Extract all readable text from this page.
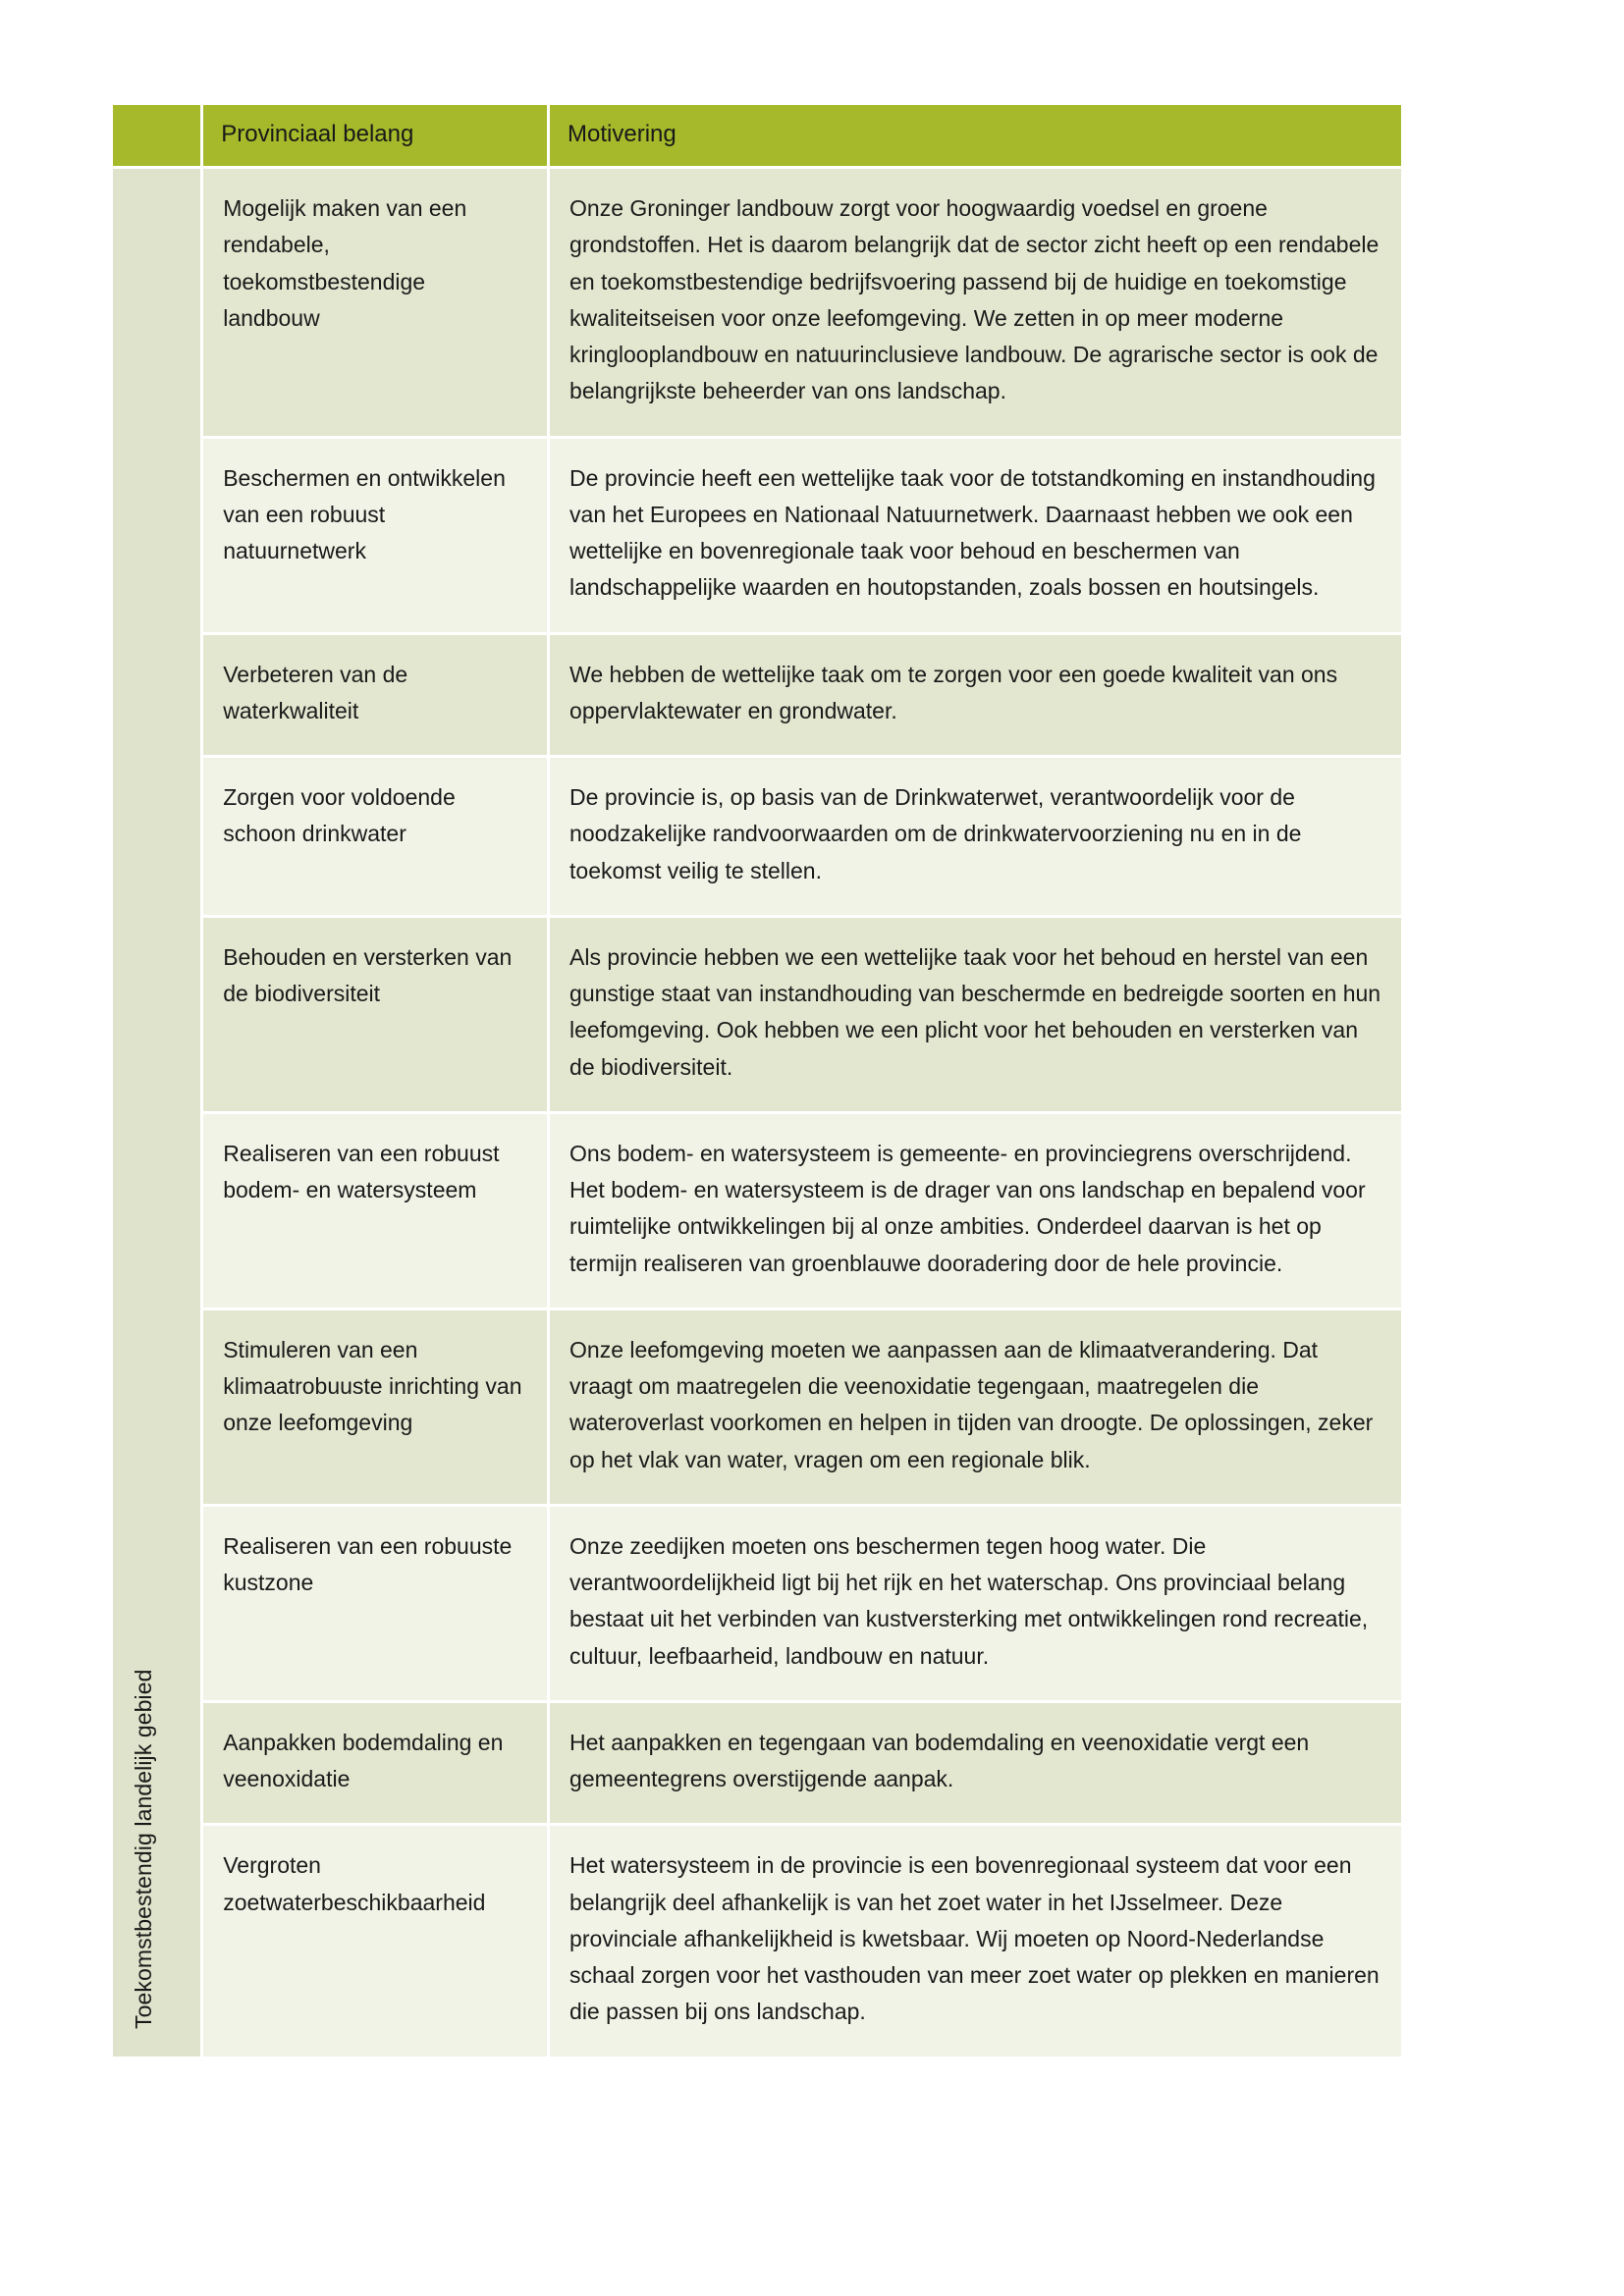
	Provinciaal belang	Motivering

Toekomstbestendig landelijk gebied	Mogelijk maken van een rendabele, toekomstbestendige landbouw	Onze Groninger landbouw zorgt voor hoogwaardig voedsel en groene grondstoffen. Het is daarom belangrijk dat de sector zicht heeft op een rendabele en toekomstbestendige bedrijfsvoering passend bij de huidige en toekomstige kwaliteitseisen voor onze leefomgeving. We zetten in op meer moderne kringlooplandbouw en natuurinclusieve landbouw. De agrarische sector is ook de belangrijkste beheerder van ons landschap.
	Beschermen en ontwikkelen van een robuust natuurnetwerk	De provincie heeft een wettelijke taak voor de totstandkoming en instandhouding van het Europees en Nationaal Natuurnetwerk. Daarnaast hebben we ook een wettelijke en bovenregionale taak voor behoud en beschermen van landschappelijke waarden en houtopstanden, zoals bossen en houtsingels.
	Verbeteren van de waterkwaliteit	We hebben de wettelijke taak om te zorgen voor een goede kwaliteit van ons oppervlaktewater en grondwater.
	Zorgen voor voldoende schoon drinkwater	De provincie is, op basis van de Drinkwaterwet, verantwoordelijk voor de noodzakelijke randvoorwaarden om de drinkwatervoorziening nu en in de toekomst veilig te stellen.
	Behouden en versterken van de biodiversiteit	Als provincie hebben we een wettelijke taak voor het behoud en herstel van een gunstige staat van instandhouding van beschermde en bedreigde soorten en hun leefomgeving. Ook hebben we een plicht voor het behouden en versterken van de biodiversiteit.
	Realiseren van een robuust bodem- en watersysteem	Ons bodem- en watersysteem is gemeente- en provinciegrens overschrijdend. Het bodem- en watersysteem is de drager van ons landschap en bepalend voor ruimtelijke ontwikkelingen bij al onze ambities. Onderdeel daarvan is het op termijn realiseren van groenblauwe dooradering door de hele provincie.
	Stimuleren van een klimaatrobuuste inrichting van onze leefomgeving	Onze leefomgeving moeten we aanpassen aan de klimaatverandering. Dat vraagt om maatregelen die veenoxidatie tegengaan, maatregelen die wateroverlast voorkomen en helpen in tijden van droogte. De oplossingen, zeker op het vlak van water, vragen om een regionale blik.
	Realiseren van een robuuste kustzone	Onze zeedijken moeten ons beschermen tegen hoog water. Die verantwoordelijkheid ligt bij het rijk en het waterschap. Ons provinciaal belang bestaat uit het verbinden van kustversterking met ontwikkelingen rond recreatie, cultuur, leefbaarheid, landbouw en natuur.
	Aanpakken bodemdaling en veenoxidatie	Het aanpakken en tegengaan van bodemdaling en veenoxidatie vergt een gemeentegrens overstijgende aanpak.
	Vergroten zoetwaterbeschikbaarheid	Het watersysteem in de provincie is een bovenregionaal systeem dat voor een belangrijk deel afhankelijk is van het zoet water in het IJsselmeer. Deze provinciale afhankelijkheid is kwetsbaar. Wij moeten op Noord-Nederlandse schaal zorgen voor het vasthouden van meer zoet water op plekken en manieren die passen bij ons landschap.
